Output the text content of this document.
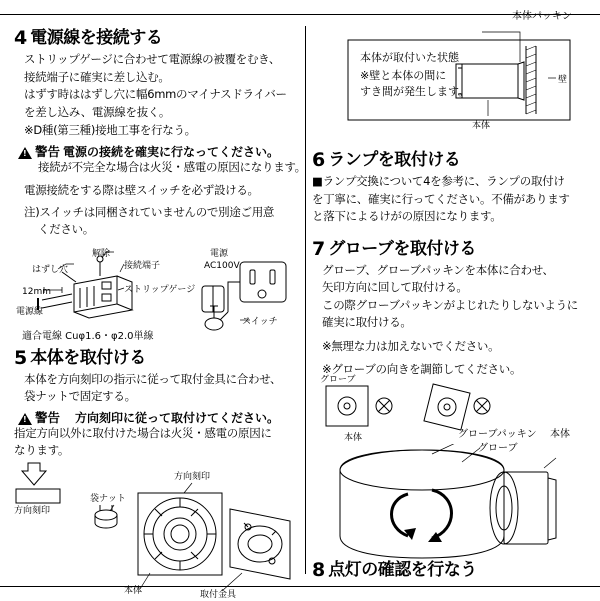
4 電源線を接続する
ストリップゲージに合わせて電源線の被覆をむき、
接続端子に確実に差し込む。
はずす時ははずし穴に幅6mmのマイナスドライバー
を差し込み、電源線を抜く。
※D種(第三種)接地工事を行なう。
!
警告 電源の接続を確実に行なってください。
接続が不完全な場合は火災・感電の原因になります。
電源接続をする際は壁スイッチを必ず設ける。
注)スイッチは同梱されていませんので別途ご用意
ください。
解除
はずし穴	接続端子
ストリップゲージ
12mm
電源線
電源
AC100V
スイッチ
適合電線 Cuφ1.6・φ2.0単線
5 本体を取付ける
本体を方向刻印の指示に従って取付金具に合わせ、
袋ナットで固定する。
!
警告 方向刻印に従って取付けてください。
指定方向以外に取付けた場合は火災・感電の原因に
なります。
方向刻印
袋ナット
方向刻印
本体	取付金具
本体
壁
本体パッキン
本体が取付いた状態
※壁と本体の間に
すき間が発生します。
6 ランプを取付ける
■ランプ交換について4を参考に、ランプの取付け
を丁寧に、確実に行ってください。不備があります
と落下によるけがの原因になります。
7 グローブを取付ける
グローブ、グローブパッキンを本体に合わせ、
矢印方向に回して取付ける。
この際グローブパッキンがよじれたりしないように
確実に取付ける。
※無理な力は加えないでください。
※グローブの向きを調節してください。
本体
グローブ
グローブパッキン
グローブ
本体
8 点灯の確認を行なう
